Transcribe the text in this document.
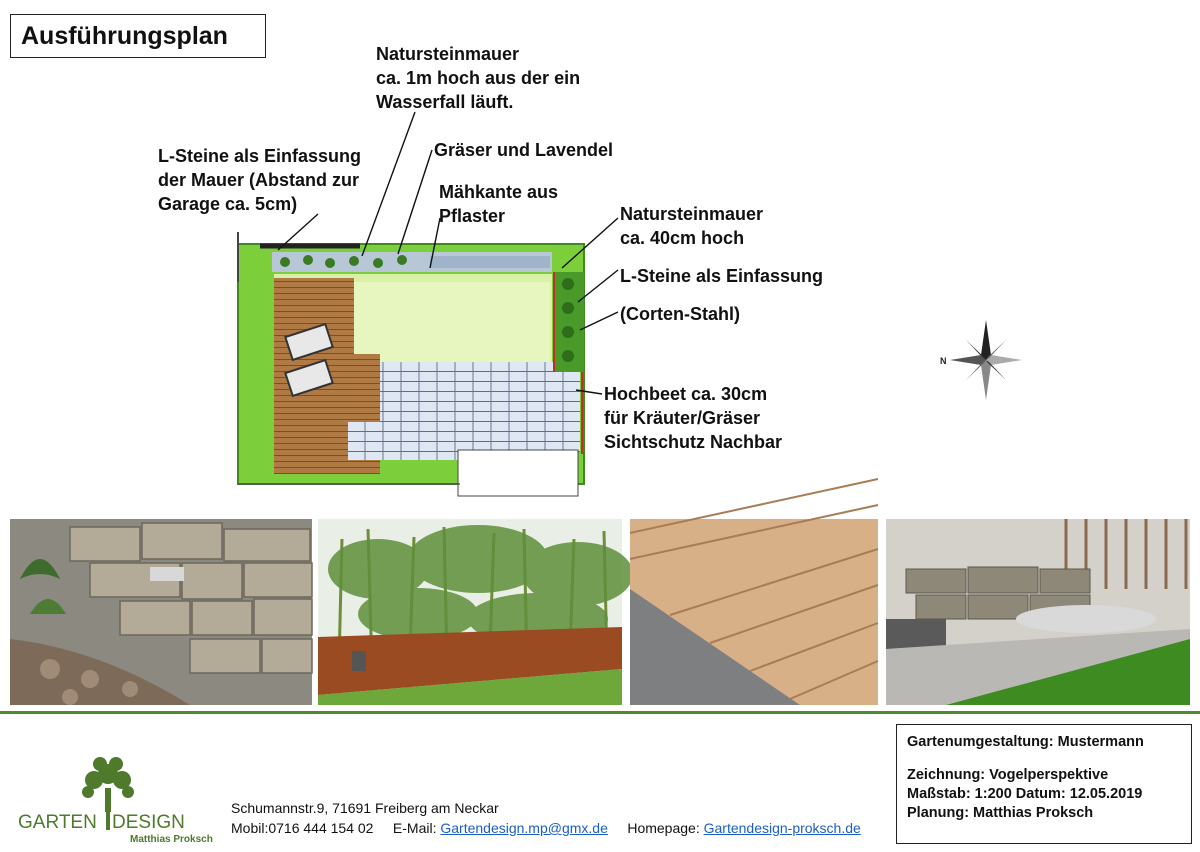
Ausführungsplan
Natursteinmauer
ca. 1m hoch aus der ein
Wasserfall läuft.
L-Steine als Einfassung
der Mauer (Abstand zur
Garage ca. 5cm)
Gräser und Lavendel
Mähkante aus
Pflaster	Natursteinmauer
ca. 40cm hoch
L-Steine als Einfassung
(Corten-Stahl)
Hochbeet ca. 30cm
für Kräuter/Gräser
Sichtschutz Nachbar
N
GARTEN DESIGN
Matthias Proksch
Schumannstr.9, 71691 Freiberg am Neckar
Mobil:0716 444 154 02 E-Mail: Gartendesign.mp@gmx.de Homepage: Gartendesign-proksch.de
Gartenumgestaltung: Mustermann
Zeichnung: Vogelperspektive
Maßstab: 1:200 Datum: 12.05.2019
Planung: Matthias Proksch
